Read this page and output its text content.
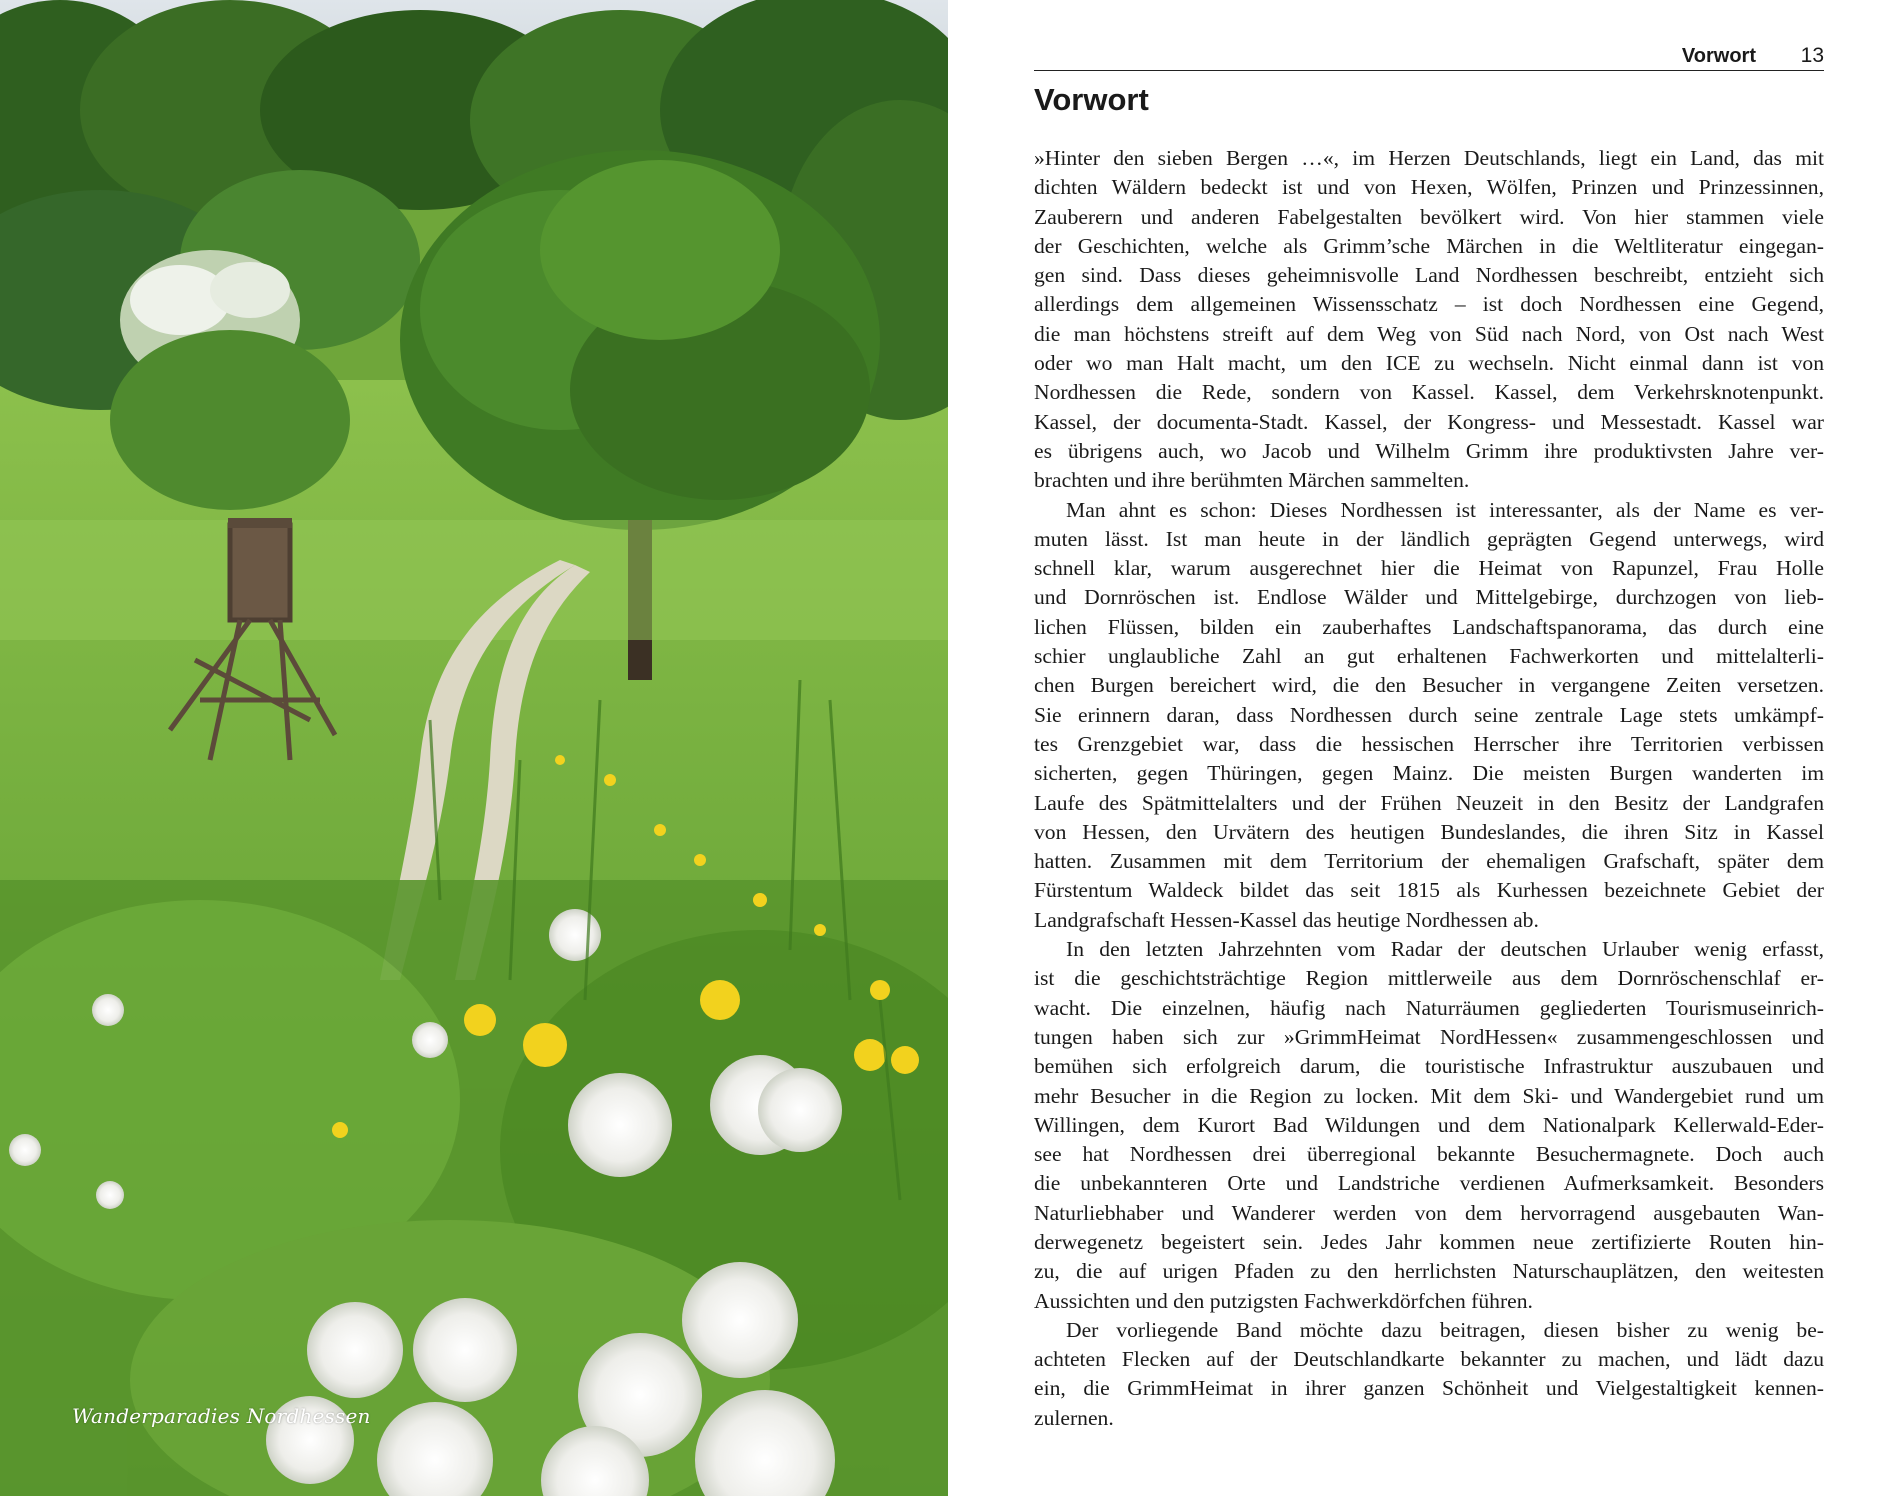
Wanderparadies Nordhessen
Vorwort 13
Vorwort

»Hinter den sieben Bergen …«, im Herzen Deutschlands, liegt ein Land, das mit
dichten Wäldern bedeckt ist und von Hexen, Wölfen, Prinzen und Prinzessinnen,
Zauberern und anderen Fabelgestalten bevölkert wird. Von hier stammen viele
der Geschichten, welche als Grimm’sche Märchen in die Weltliteratur eingegan-
gen sind. Dass dieses geheimnisvolle Land Nordhessen beschreibt, entzieht sich
allerdings dem allgemeinen Wissensschatz – ist doch Nordhessen eine Gegend,
die man höchstens streift auf dem Weg von Süd nach Nord, von Ost nach West
oder wo man Halt macht, um den ICE zu wechseln. Nicht einmal dann ist von
Nordhessen die Rede, sondern von Kassel. Kassel, dem Verkehrsknotenpunkt.
Kassel, der documenta-Stadt. Kassel, der Kongress- und Messestadt. Kassel war
es übrigens auch, wo Jacob und Wilhelm Grimm ihre produktivsten Jahre ver-
brachten und ihre berühmten Märchen sammelten.

Man ahnt es schon: Dieses Nordhessen ist interessanter, als der Name es ver-
muten lässt. Ist man heute in der ländlich geprägten Gegend unterwegs, wird
schnell klar, warum ausgerechnet hier die Heimat von Rapunzel, Frau Holle
und Dornröschen ist. Endlose Wälder und Mittelgebirge, durchzogen von lieb-
lichen Flüssen, bilden ein zauberhaftes Landschaftspanorama, das durch eine
schier unglaubliche Zahl an gut erhaltenen Fachwerkorten und mittelalterli-
chen Burgen bereichert wird, die den Besucher in vergangene Zeiten versetzen.
Sie erinnern daran, dass Nordhessen durch seine zentrale Lage stets umkämpf-
tes Grenzgebiet war, dass die hessischen Herrscher ihre Territorien verbissen
sicherten, gegen Thüringen, gegen Mainz. Die meisten Burgen wanderten im
Laufe des Spätmittelalters und der Frühen Neuzeit in den Besitz der Landgrafen
von Hessen, den Urvätern des heutigen Bundeslandes, die ihren Sitz in Kassel
hatten. Zusammen mit dem Territorium der ehemaligen Grafschaft, später dem
Fürstentum Waldeck bildet das seit 1815 als Kurhessen bezeichnete Gebiet der
Landgrafschaft Hessen-Kassel das heutige Nordhessen ab.

In den letzten Jahrzehnten vom Radar der deutschen Urlauber wenig erfasst,
ist die geschichtsträchtige Region mittlerweile aus dem Dornröschenschlaf er-
wacht. Die einzelnen, häufig nach Naturräumen gegliederten Tourismuseinrich-
tungen haben sich zur »GrimmHeimat NordHessen« zusammengeschlossen und
bemühen sich erfolgreich darum, die touristische Infrastruktur auszubauen und
mehr Besucher in die Region zu locken. Mit dem Ski- und Wandergebiet rund um
Willingen, dem Kurort Bad Wildungen und dem Nationalpark Kellerwald-Eder-
see hat Nordhessen drei überregional bekannte Besuchermagnete. Doch auch
die unbekannteren Orte und Landstriche verdienen Aufmerksamkeit. Besonders
Naturliebhaber und Wanderer werden von dem hervorragend ausgebauten Wan-
derwegenetz begeistert sein. Jedes Jahr kommen neue zertifizierte Routen hin-
zu, die auf urigen Pfaden zu den herrlichsten Naturschauplätzen, den weitesten
Aussichten und den putzigsten Fachwerkdörfchen führen.

Der vorliegende Band möchte dazu beitragen, diesen bisher zu wenig be-
achteten Flecken auf der Deutschlandkarte bekannter zu machen, und lädt dazu
ein, die GrimmHeimat in ihrer ganzen Schönheit und Vielgestaltigkeit kennen-
zulernen.
